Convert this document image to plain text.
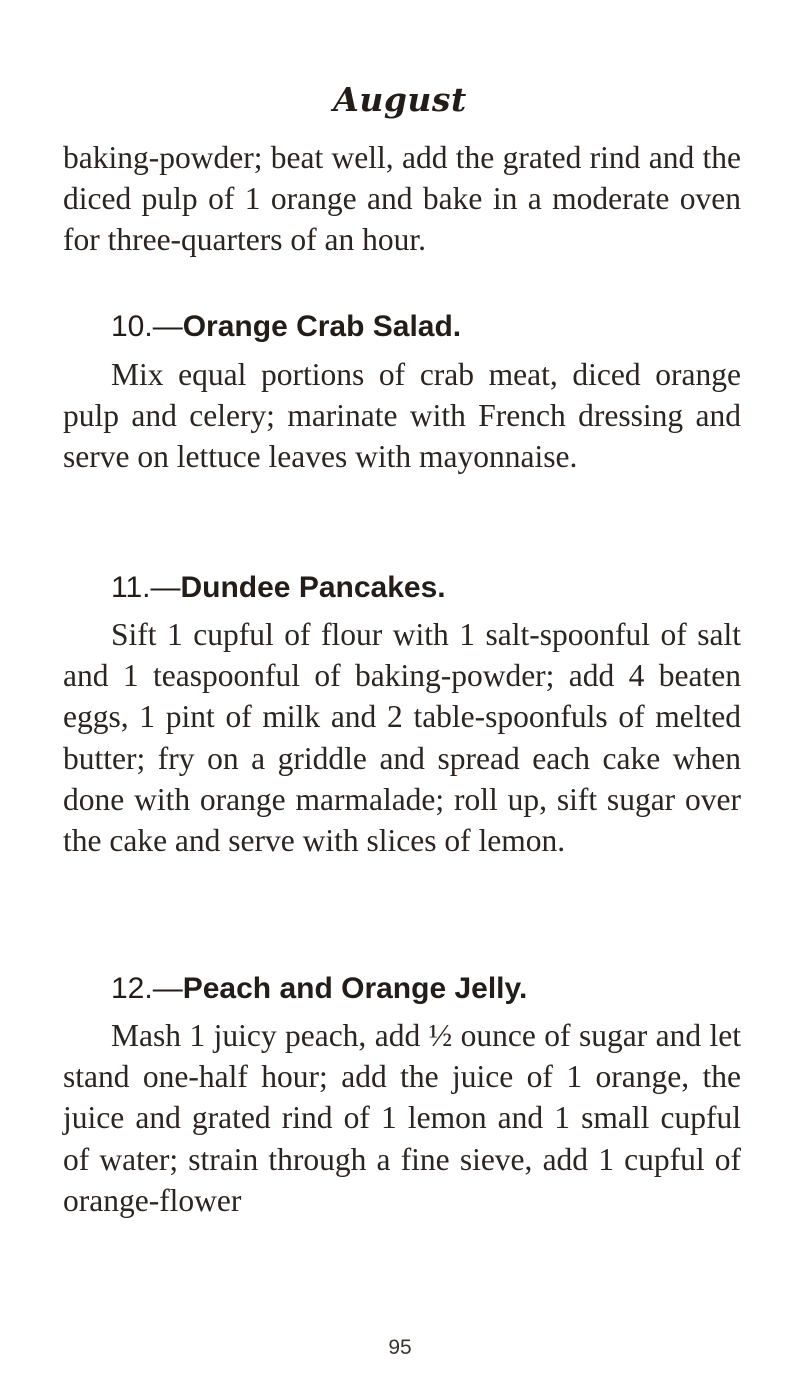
August

baking-powder; beat well, add the grated rind and the diced pulp of 1 orange and bake in a moderate oven for three-quarters of an hour.

10.—Orange Crab Salad.

Mix equal portions of crab meat, diced orange pulp and celery; marinate with French dressing and serve on lettuce leaves with mayonnaise.

11.—Dundee Pancakes.

Sift 1 cupful of flour with 1 salt-spoonful of salt and 1 teaspoonful of baking-powder; add 4 beaten eggs, 1 pint of milk and 2 table-spoonfuls of melted butter; fry on a griddle and spread each cake when done with orange marmalade; roll up, sift sugar over the cake and serve with slices of lemon.

12.—Peach and Orange Jelly.

Mash 1 juicy peach, add ½ ounce of sugar and let stand one-half hour; add the juice of 1 orange, the juice and grated rind of 1 lemon and 1 small cupful of water; strain through a fine sieve, add 1 cupful of orange-flower

95
